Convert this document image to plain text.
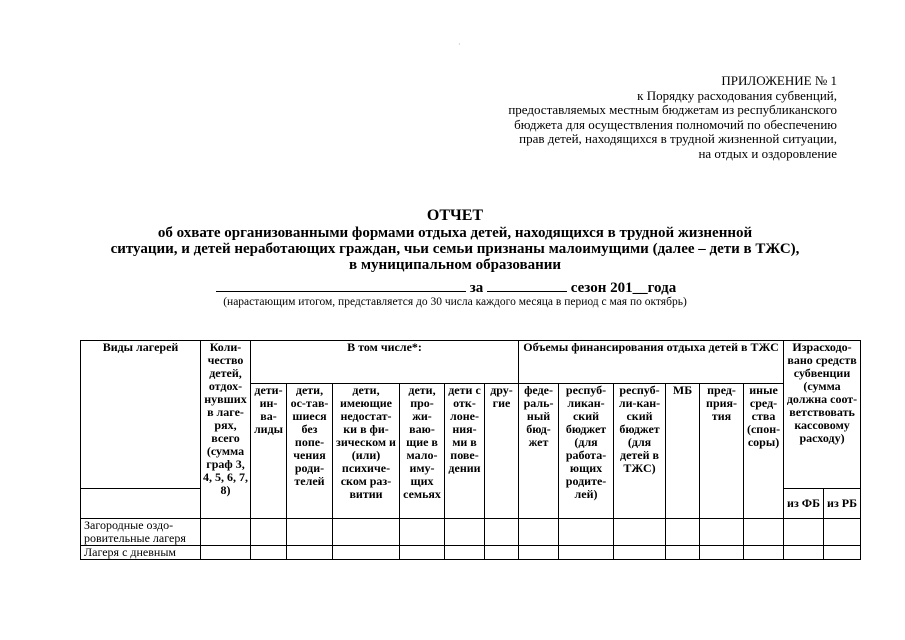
·
ПРИЛОЖЕНИЕ № 1
к Порядку расходования субвенций,
предоставляемых местным бюджетам из республиканского
бюджета для осуществления полномочий по обеспечению
прав детей, находящихся в трудной жизненной ситуации,
на отдых и оздоровление
ОТЧЕТ
об охвате организованными формами отдыха детей, находящихся в трудной жизненной
ситуации, и детей неработающих граждан, чьи семьи признаны малоимущими (далее – дети в ТЖС),
в муниципальном образовании
за	сезон 201__года
(нарастающим итогом, представляется до 30 числа каждого месяца в период с мая по октябрь)
Виды лагерей	Коли-чество детей, отдох-нувших в лаге-рях, всего (сумма граф 3, 4, 5, 6, 7, 8)	В том числе*:						Объемы финансирования отдыха детей в ТЖС						Израсходо-вано средств субвенции (сумма должна соот-ветствовать кассовому расходу)	
		дети-ин-ва-лиды	дети, ос-тав-шиеся без попе-чения роди-телей	дети, имеющие недостат-ки в фи-зическом и (или) психиче-ском раз-витии	дети, про-жи-ваю-щие в мало-иму-щих семьях	дети с отк-лоне-ния-ми в пове-дении	дру-гие	феде-раль-ный бюд-жет	респуб-ликан-ский бюджет (для работа-ющих родите-лей)	респуб-ли-кан-ский бюджет (для детей в ТЖС)	МБ	пред-прия-тия	иные сред-ства (спон-соры)		
														из ФБ	из РБ
Загородные оздо-ровительные лагеря															
Лагеря с дневным															
